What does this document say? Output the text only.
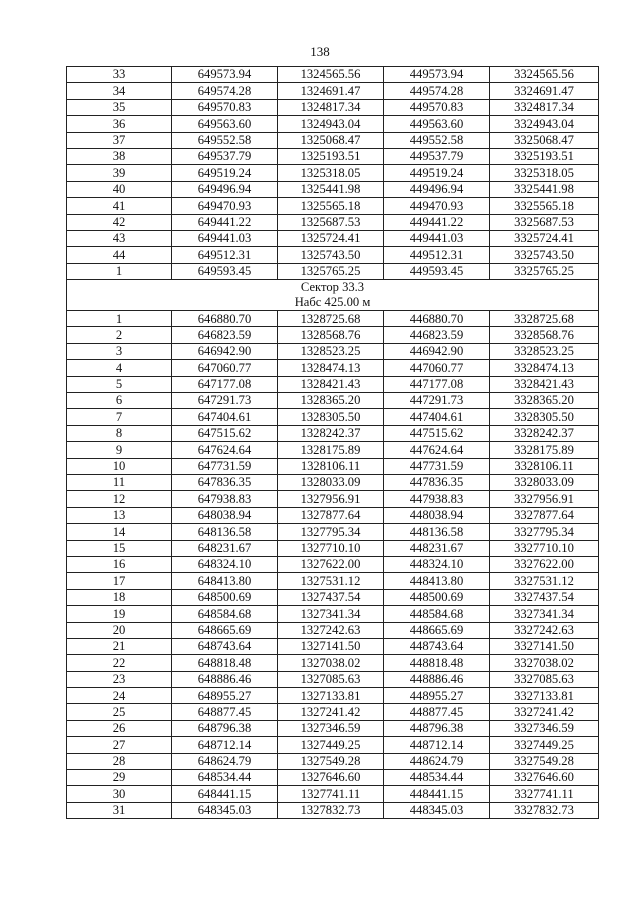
138
33	649573.94	1324565.56	449573.94	3324565.56
34	649574.28	1324691.47	449574.28	3324691.47
35	649570.83	1324817.34	449570.83	3324817.34
36	649563.60	1324943.04	449563.60	3324943.04
37	649552.58	1325068.47	449552.58	3325068.47
38	649537.79	1325193.51	449537.79	3325193.51
39	649519.24	1325318.05	449519.24	3325318.05
40	649496.94	1325441.98	449496.94	3325441.98
41	649470.93	1325565.18	449470.93	3325565.18
42	649441.22	1325687.53	449441.22	3325687.53
43	649441.03	1325724.41	449441.03	3325724.41
44	649512.31	1325743.50	449512.31	3325743.50
1	649593.45	1325765.25	449593.45	3325765.25

Сектор 33.3
Набс 425.00 м				

1	646880.70	1328725.68	446880.70	3328725.68
2	646823.59	1328568.76	446823.59	3328568.76
3	646942.90	1328523.25	446942.90	3328523.25
4	647060.77	1328474.13	447060.77	3328474.13
5	647177.08	1328421.43	447177.08	3328421.43
6	647291.73	1328365.20	447291.73	3328365.20
7	647404.61	1328305.50	447404.61	3328305.50
8	647515.62	1328242.37	447515.62	3328242.37
9	647624.64	1328175.89	447624.64	3328175.89
10	647731.59	1328106.11	447731.59	3328106.11
11	647836.35	1328033.09	447836.35	3328033.09
12	647938.83	1327956.91	447938.83	3327956.91
13	648038.94	1327877.64	448038.94	3327877.64
14	648136.58	1327795.34	448136.58	3327795.34
15	648231.67	1327710.10	448231.67	3327710.10
16	648324.10	1327622.00	448324.10	3327622.00
17	648413.80	1327531.12	448413.80	3327531.12
18	648500.69	1327437.54	448500.69	3327437.54
19	648584.68	1327341.34	448584.68	3327341.34
20	648665.69	1327242.63	448665.69	3327242.63
21	648743.64	1327141.50	448743.64	3327141.50
22	648818.48	1327038.02	448818.48	3327038.02
23	648886.46	1327085.63	448886.46	3327085.63
24	648955.27	1327133.81	448955.27	3327133.81
25	648877.45	1327241.42	448877.45	3327241.42
26	648796.38	1327346.59	448796.38	3327346.59
27	648712.14	1327449.25	448712.14	3327449.25
28	648624.79	1327549.28	448624.79	3327549.28
29	648534.44	1327646.60	448534.44	3327646.60
30	648441.15	1327741.11	448441.15	3327741.11
31	648345.03	1327832.73	448345.03	3327832.73
